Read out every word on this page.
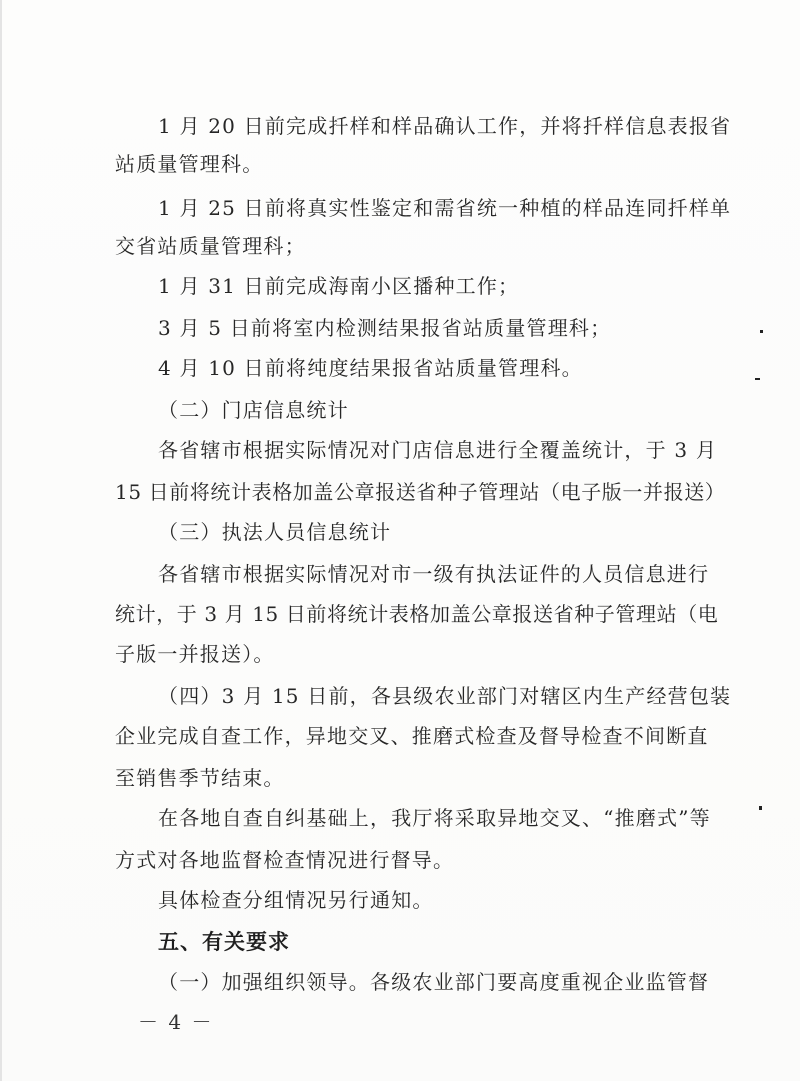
1 月 20 日前完成扦样和样品确认工作，并将扦样信息表报省
站质量管理科。
1 月 25 日前将真实性鉴定和需省统一种植的样品连同扦样单
交省站质量管理科；
1 月 31 日前完成海南小区播种工作；
3 月 5 日前将室内检测结果报省站质量管理科；
4 月 10 日前将纯度结果报省站质量管理科。
（二）门店信息统计
各省辖市根据实际情况对门店信息进行全覆盖统计，于 3 月
15 日前将统计表格加盖公章报送省种子管理站（电子版一并报送）
（三）执法人员信息统计
各省辖市根据实际情况对市一级有执法证件的人员信息进行
统计，于 3 月 15 日前将统计表格加盖公章报送省种子管理站（电
子版一并报送）。
（四）3 月 15 日前，各县级农业部门对辖区内生产经营包装
企业完成自查工作，异地交叉、推磨式检查及督导检查不间断直
至销售季节结束。
在各地自查自纠基础上，我厅将采取异地交叉、“推磨式”等
方式对各地监督检查情况进行督导。
具体检查分组情况另行通知。
五、有关要求
（一）加强组织领导。各级农业部门要高度重视企业监管督
－ 4 －
